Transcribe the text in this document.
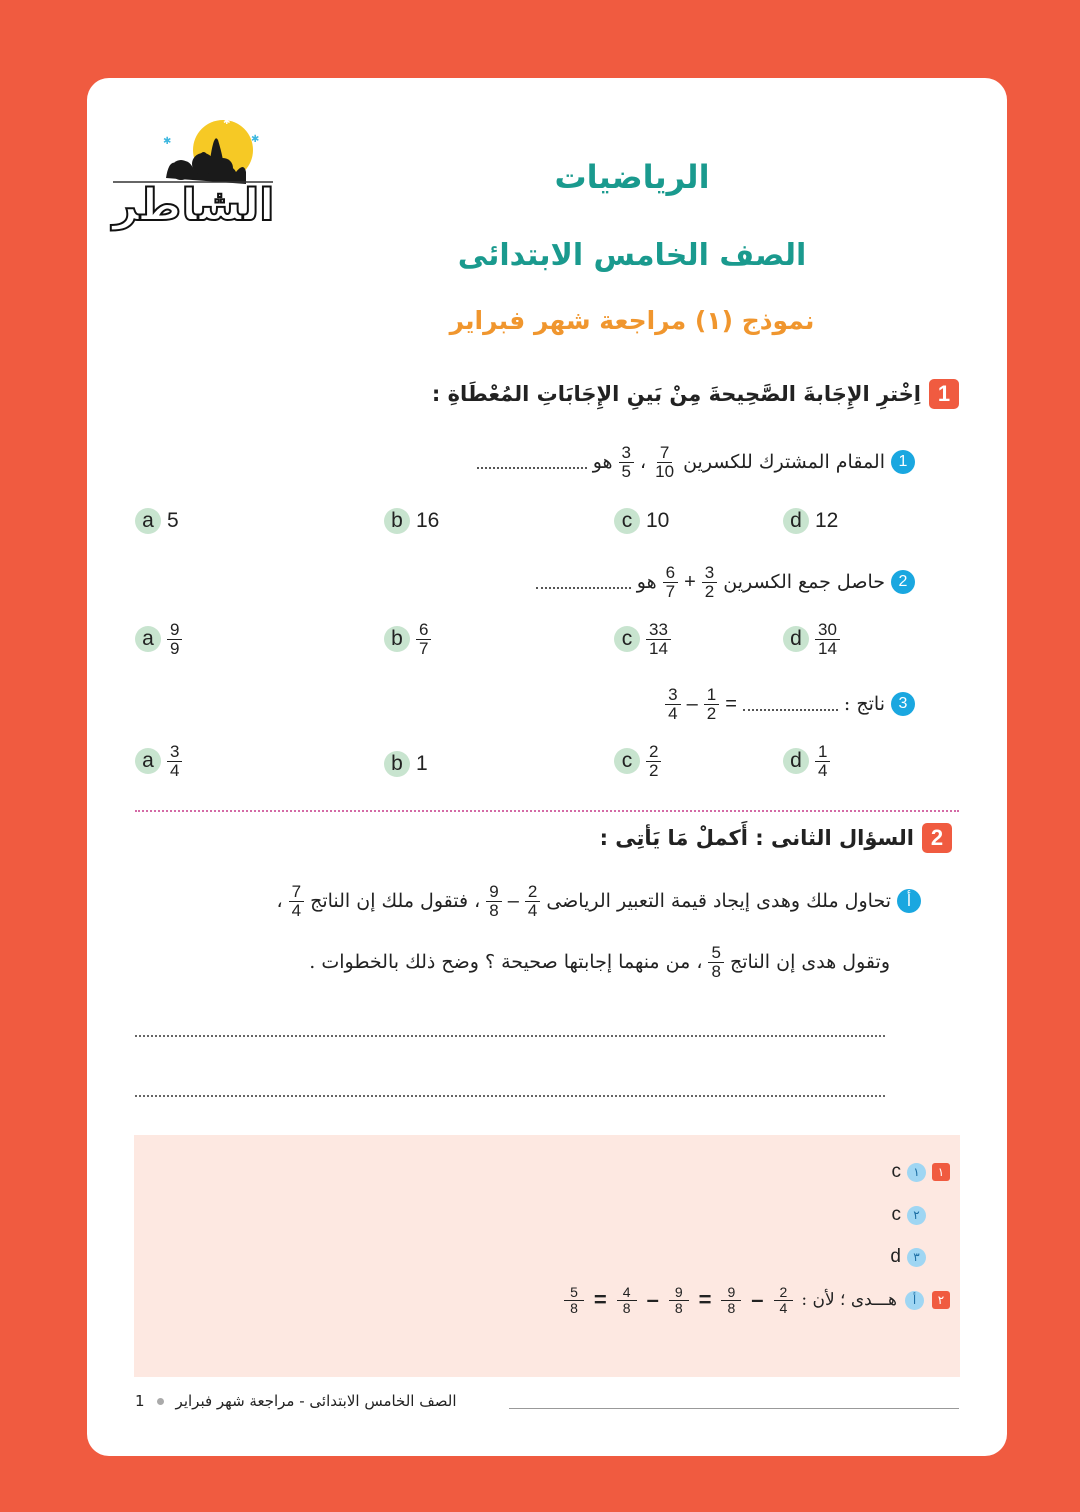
✱	✱
✱
الشاطر
الرياضيات
الصف الخامس الابتدائى
نموذج (١) مراجعة شهر فبراير
1
اِخْترِ الإِجَابةَ الصَّحِيحةَ مِنْ بَينِ الإِجَابَاتِ المُعْطَاةِ :
1
المقام المشترك للكسرين
$\frac{7}{10}$
،
$\frac{3}{5}$
هو
a 5	b 16	c 10	d 12
2
حاصل جمع الكسرين
$\frac{3}{2}$
+
$\frac{6}{7}$
هو
a $\frac{9}{9}$	b $\frac{6}{7}$	c $\frac{33}{14}$	d $\frac{30}{14}$
3
ناتج :
=
$\frac{1}{2}$
–
$\frac{3}{4}$
a $\frac{3}{4}$	b 1	c $\frac{2}{2}$	d $\frac{1}{4}$
2
السؤال الثانى : أَكملْ مَا يَأتِى :
أ
تحاول ملك وهدى إيجاد قيمة التعبير الرياضى
$\frac{2}{4}$
–
$\frac{9}{8}$
، فتقول ملك إن الناتج
$\frac{7}{4}$
،
وتقول هدى إن الناتج
$\frac{5}{8}$
، من منهما إجابتها صحيحة ؟ وضح ذلك بالخطوات .
١
١
c
٢
c
٣
d
٢
أ
هـــدى ؛ لأن :
$\frac{5}{8} = \frac{4}{8} - \frac{9}{8} = \frac{9}{8} - \frac{2}{4}$
1 الصف الخامس الابتدائى - مراجعة شهر فبراير
